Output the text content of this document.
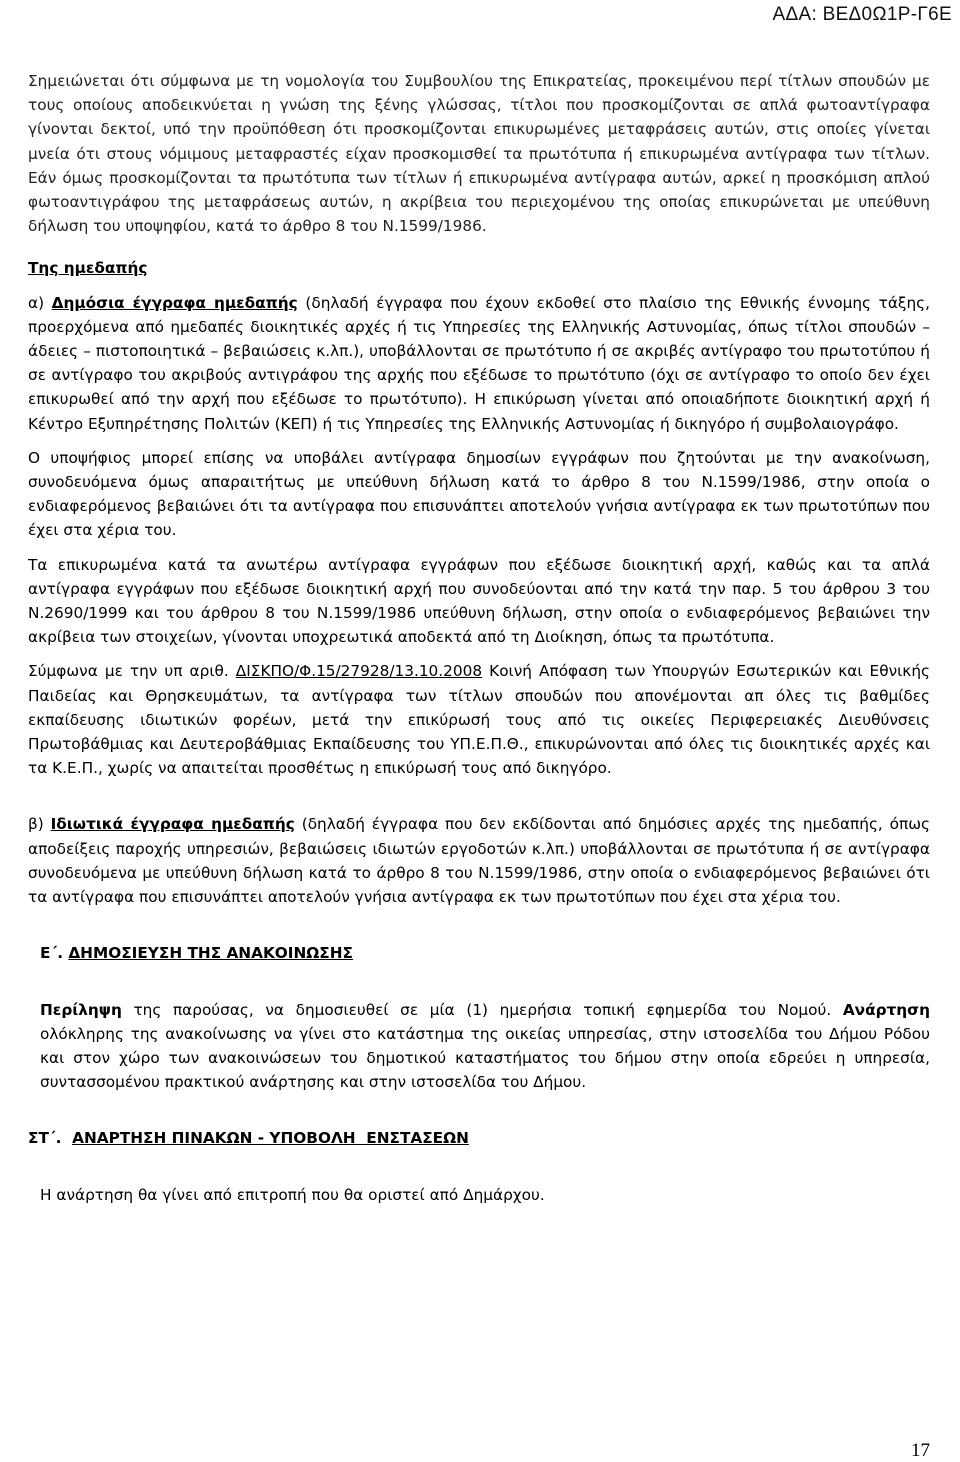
ΑΔΑ: ΒΕΔ0Ω1Ρ-Γ6Ε

Σημειώνεται ότι σύμφωνα με τη νομολογία του Συμβουλίου της Επικρατείας, προκειμένου περί τίτλων σπουδών με τους οποίους αποδεικνύεται η γνώση της ξένης γλώσσας, τίτλοι που προσκομίζονται σε απλά φωτοαντίγραφα γίνονται δεκτοί, υπό την προϋπόθεση ότι προσκομίζονται επικυρωμένες μεταφράσεις αυτών, στις οποίες γίνεται μνεία ότι στους νόμιμους μεταφραστές είχαν προσκομισθεί τα πρωτότυπα ή επικυρωμένα αντίγραφα των τίτλων. Εάν όμως προσκομίζονται τα πρωτότυπα των τίτλων ή επικυρωμένα αντίγραφα αυτών, αρκεί η προσκόμιση απλού φωτοαντιγράφου της μεταφράσεως αυτών, η ακρίβεια του περιεχομένου της οποίας επικυρώνεται με υπεύθυνη δήλωση του υποψηφίου, κατά το άρθρο 8 του Ν.1599/1986.

Της ημεδαπής

α) Δημόσια έγγραφα ημεδαπής (δηλαδή έγγραφα που έχουν εκδοθεί στο πλαίσιο της Εθνικής έννομης τάξης, προερχόμενα από ημεδαπές διοικητικές αρχές ή τις Υπηρεσίες της Ελληνικής Αστυνομίας, όπως τίτλοι σπουδών – άδειες – πιστοποιητικά – βεβαιώσεις κ.λπ.), υποβάλλονται σε πρωτότυπο ή σε ακριβές αντίγραφο του πρωτοτύπου ή σε αντίγραφο του ακριβούς αντιγράφου της αρχής που εξέδωσε το πρωτότυπο (όχι σε αντίγραφο το οποίο δεν έχει επικυρωθεί από την αρχή που εξέδωσε το πρωτότυπο). Η επικύρωση γίνεται από οποιαδήποτε διοικητική αρχή ή Κέντρο Εξυπηρέτησης Πολιτών (ΚΕΠ) ή τις Υπηρεσίες της Ελληνικής Αστυνομίας ή δικηγόρο ή συμβολαιογράφο.

Ο υποψήφιος μπορεί επίσης να υποβάλει αντίγραφα δημοσίων εγγράφων που ζητούνται με την ανακοίνωση, συνοδευόμενα όμως απαραιτήτως με υπεύθυνη δήλωση κατά το άρθρο 8 του Ν.1599/1986, στην οποία ο ενδιαφερόμενος βεβαιώνει ότι τα αντίγραφα που επισυνάπτει αποτελούν γνήσια αντίγραφα εκ των πρωτοτύπων που έχει στα χέρια του.

Τα επικυρωμένα κατά τα ανωτέρω αντίγραφα εγγράφων που εξέδωσε διοικητική αρχή, καθώς και τα απλά αντίγραφα εγγράφων που εξέδωσε διοικητική αρχή που συνοδεύονται από την κατά την παρ. 5 του άρθρου 3 του Ν.2690/1999 και του άρθρου 8 του Ν.1599/1986 υπεύθυνη δήλωση, στην οποία ο ενδιαφερόμενος βεβαιώνει την ακρίβεια των στοιχείων, γίνονται υποχρεωτικά αποδεκτά από τη Διοίκηση, όπως τα πρωτότυπα.

Σύμφωνα με την υπ αριθ. ΔΙΣΚΠΟ/Φ.15/27928/13.10.2008 Κοινή Απόφαση των Υπουργών Εσωτερικών και Εθνικής Παιδείας και Θρησκευμάτων, τα αντίγραφα των τίτλων σπουδών που απονέμονται απ όλες τις βαθμίδες εκπαίδευσης ιδιωτικών φορέων, μετά την επικύρωσή τους από τις οικείες Περιφερειακές Διευθύνσεις Πρωτοβάθμιας και Δευτεροβάθμιας Εκπαίδευσης του ΥΠ.Ε.Π.Θ., επικυρώνονται από όλες τις διοικητικές αρχές και τα Κ.Ε.Π., χωρίς να απαιτείται προσθέτως η επικύρωσή τους από δικηγόρο.

β) Ιδιωτικά έγγραφα ημεδαπής (δηλαδή έγγραφα που δεν εκδίδονται από δημόσιες αρχές της ημεδαπής, όπως αποδείξεις παροχής υπηρεσιών, βεβαιώσεις ιδιωτών εργοδοτών κ.λπ.) υποβάλλονται σε πρωτότυπα ή σε αντίγραφα συνοδευόμενα με υπεύθυνη δήλωση κατά το άρθρο 8 του Ν.1599/1986, στην οποία ο ενδιαφερόμενος βεβαιώνει ότι τα αντίγραφα που επισυνάπτει αποτελούν γνήσια αντίγραφα εκ των πρωτοτύπων που έχει στα χέρια του.

Ε΄. ΔΗΜΟΣΙΕΥΣΗ ΤΗΣ ΑΝΑΚΟΙΝΩΣΗΣ

Περίληψη της παρούσας, να δημοσιευθεί σε μία (1) ημερήσια τοπική εφημερίδα του Νομού. Ανάρτηση ολόκληρης της ανακοίνωσης να γίνει στο κατάστημα της οικείας υπηρεσίας, στην ιστοσελίδα του Δήμου Ρόδου και στον χώρο των ανακοινώσεων του δημοτικού καταστήματος του δήμου στην οποία εδρεύει η υπηρεσία, συντασσομένου πρακτικού ανάρτησης και στην ιστοσελίδα του Δήμου.

ΣΤ΄.  ΑΝΑΡΤΗΣΗ ΠΙΝΑΚΩΝ - ΥΠΟΒΟΛΗ  ΕΝΣΤΑΣΕΩΝ

Η ανάρτηση θα γίνει από επιτροπή που θα οριστεί από Δημάρχου.

17
